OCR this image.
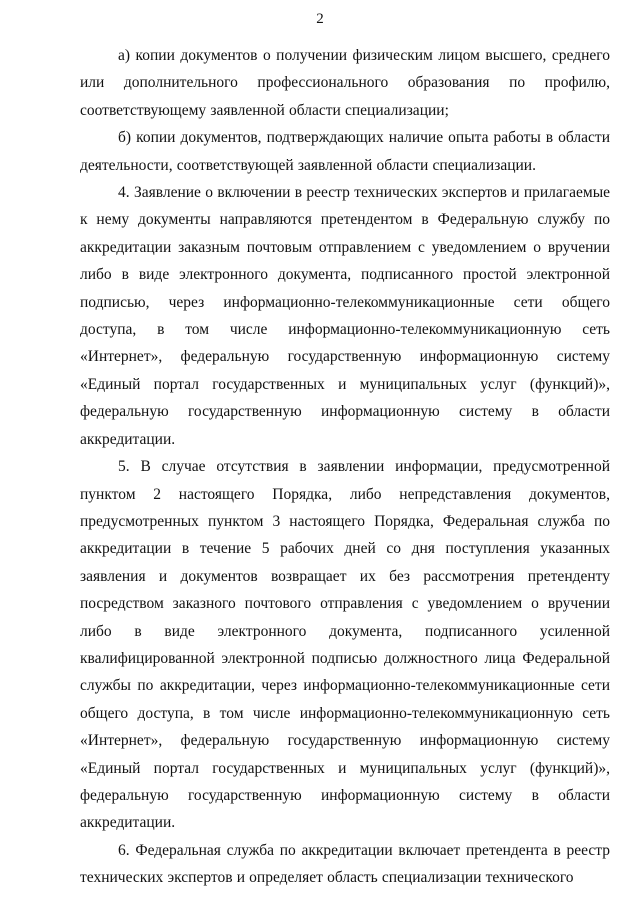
2

а) копии документов о получении физическим лицом высшего, среднего или дополнительного профессионального образования по профилю, соответствующему заявленной области специализации;

б) копии документов, подтверждающих наличие опыта работы в области деятельности, соответствующей заявленной области специализации.

4. Заявление о включении в реестр технических экспертов и прилагаемые к нему документы направляются претендентом в Федеральную службу по аккредитации заказным почтовым отправлением с уведомлением о вручении либо в виде электронного документа, подписанного простой электронной подписью, через информационно-телекоммуникационные сети общего доступа, в том числе информационно-телекоммуникационную сеть «Интернет», федеральную государственную информационную систему «Единый портал государственных и муниципальных услуг (функций)», федеральную государственную информационную систему в области аккредитации.

5. В случае отсутствия в заявлении информации, предусмотренной пунктом 2 настоящего Порядка, либо непредставления документов, предусмотренных пунктом 3 настоящего Порядка, Федеральная служба по аккредитации в течение 5 рабочих дней со дня поступления указанных заявления и документов возвращает их без рассмотрения претенденту посредством заказного почтового отправления с уведомлением о вручении либо в виде электронного документа, подписанного усиленной квалифицированной электронной подписью должностного лица Федеральной службы по аккредитации, через информационно-телекоммуникационные сети общего доступа, в том числе информационно-телекоммуникационную сеть «Интернет», федеральную государственную информационную систему «Единый портал государственных и муниципальных услуг (функций)», федеральную государственную информационную систему в области аккредитации.

6. Федеральная служба по аккредитации включает претендента в реестр технических экспертов и определяет область специализации технического
